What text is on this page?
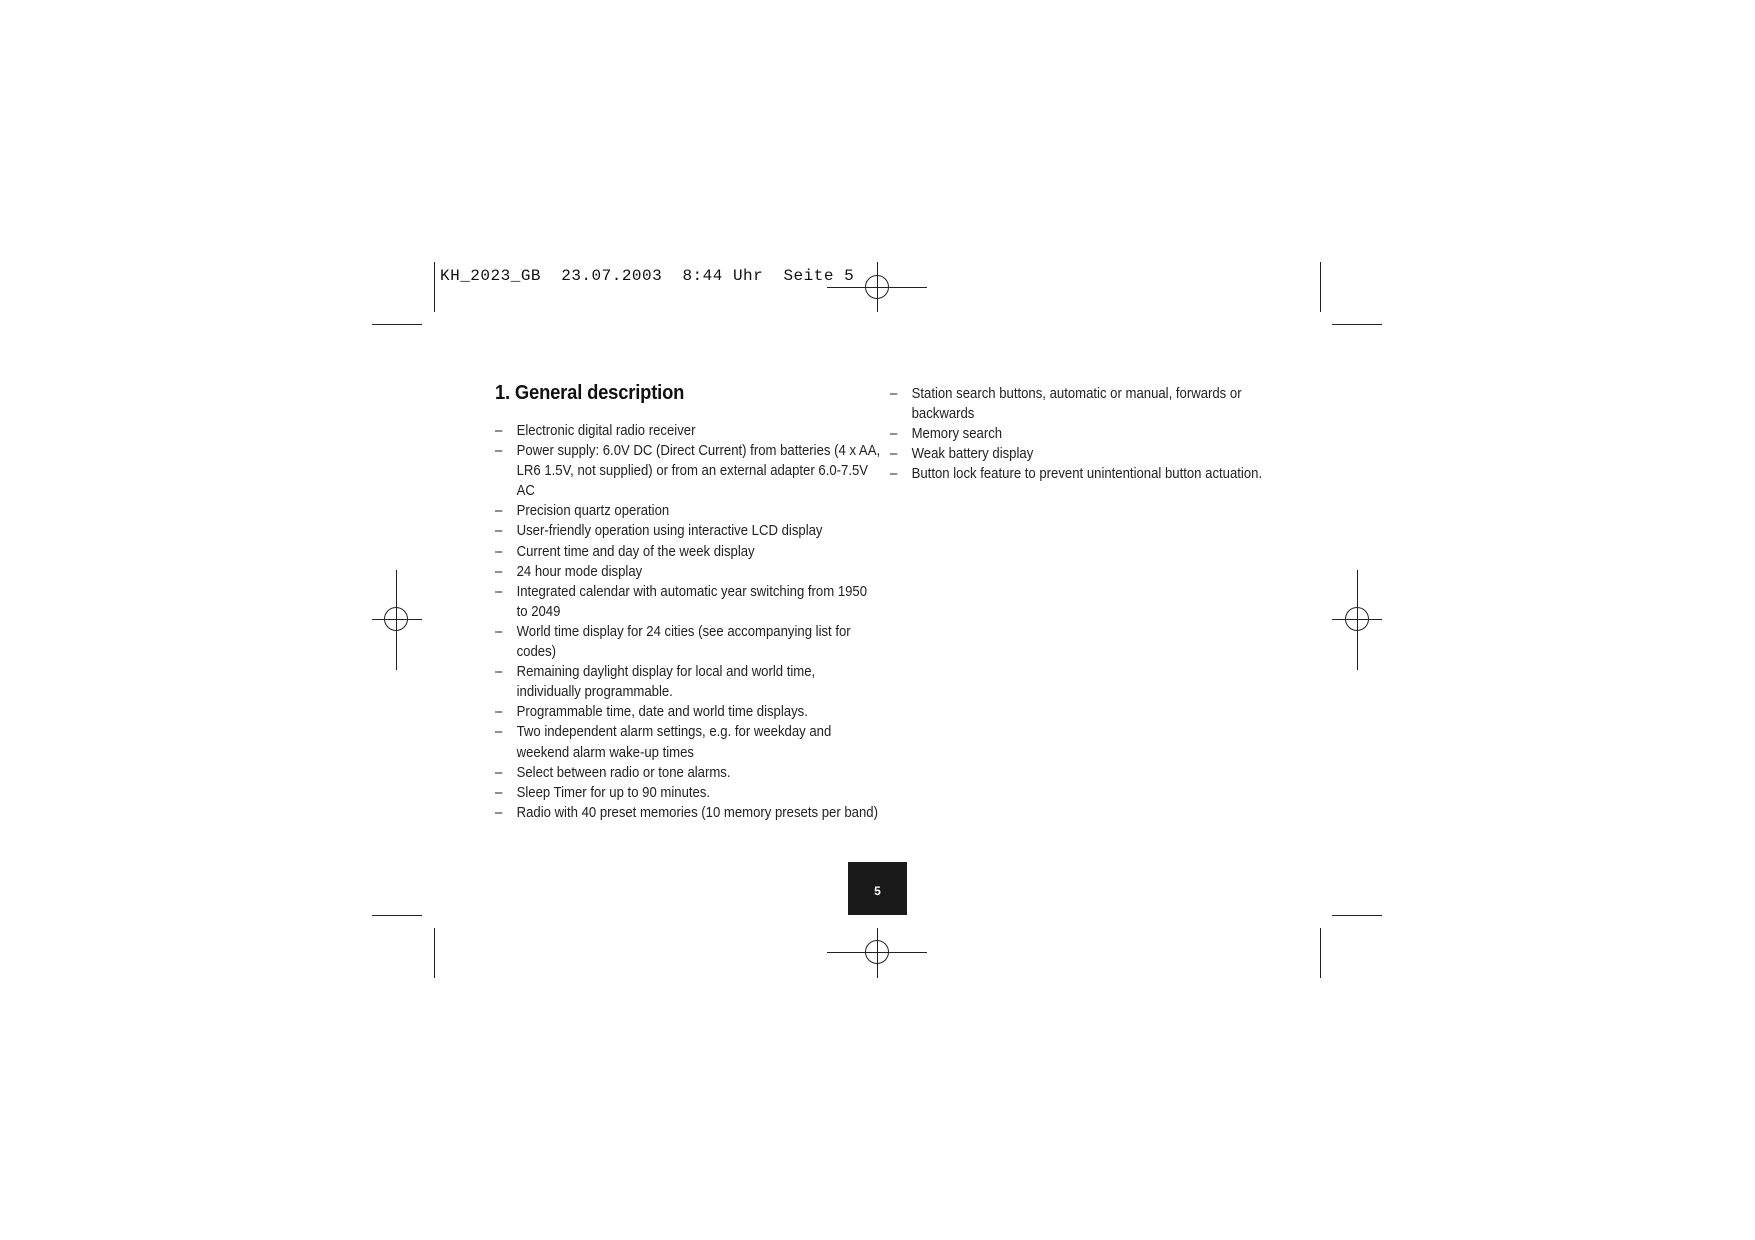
KH_2023_GB 23.07.2003 8:44 Uhr Seite 5
1. General description
– Electronic digital radio receiver
– Power supply: 6.0V DC (Direct Current) from batteries (4 x AA, LR6 1.5V, not supplied) or from an external adapter 6.0-7.5V AC
– Precision quartz operation
– User-friendly operation using interactive LCD display
– Current time and day of the week display
– 24 hour mode display
– Integrated calendar with automatic year switching from 1950 to 2049
– World time display for 24 cities (see accompanying list for codes)
– Remaining daylight display for local and world time, individually programmable.
– Programmable time, date and world time displays.
– Two independent alarm settings, e.g. for weekday and weekend alarm wake-up times
– Select between radio or tone alarms.
– Sleep Timer for up to 90 minutes.
– Radio with 40 preset memories (10 memory presets per band)
– Station search buttons, automatic or manual, forwards or backwards
– Memory search
– Weak battery display
– Button lock feature to prevent unintentional button actuation.
5
